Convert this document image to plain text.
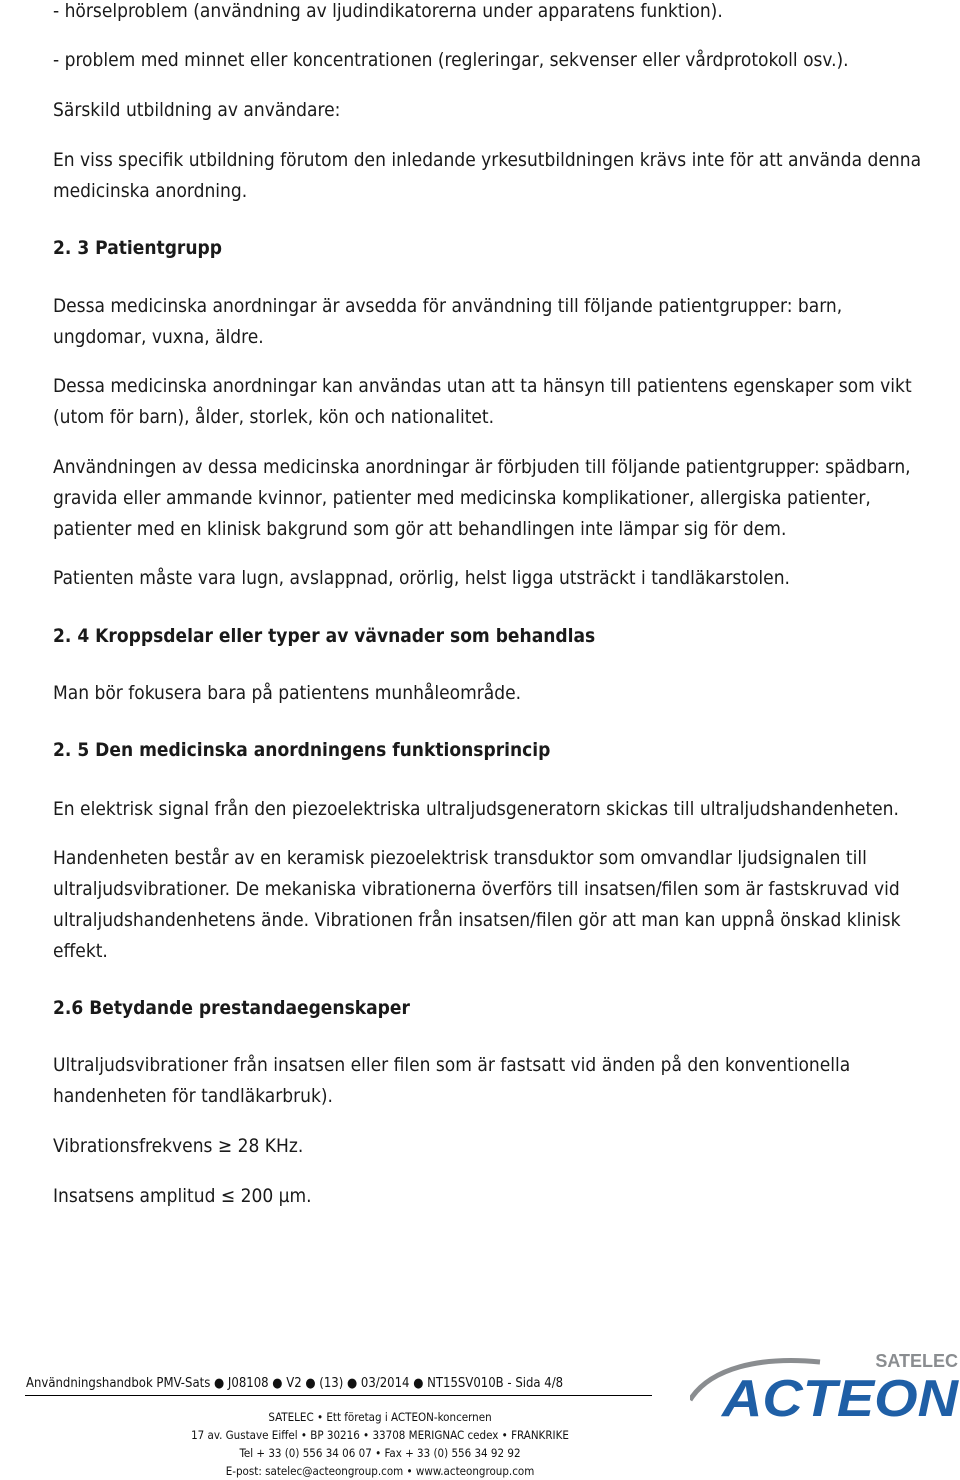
- hörselproblem (användning av ljudindikatorerna under apparatens funktion).
- problem med minnet eller koncentrationen (regleringar, sekvenser eller vårdprotokoll osv.).
Särskild utbildning av användare:
En viss specifik utbildning förutom den inledande yrkesutbildningen krävs inte för att använda denna
medicinska anordning.
2. 3 Patientgrupp
Dessa medicinska anordningar är avsedda för användning till följande patientgrupper: barn,
ungdomar, vuxna, äldre.
Dessa medicinska anordningar kan användas utan att ta hänsyn till patientens egenskaper som vikt
(utom för barn), ålder, storlek, kön och nationalitet.
Användningen av dessa medicinska anordningar är förbjuden till följande patientgrupper: spädbarn,
gravida eller ammande kvinnor, patienter med medicinska komplikationer, allergiska patienter,
patienter med en klinisk bakgrund som gör att behandlingen inte lämpar sig för dem.
Patienten måste vara lugn, avslappnad, orörlig, helst ligga utsträckt i tandläkarstolen.
2. 4 Kroppsdelar eller typer av vävnader som behandlas
Man bör fokusera bara på patientens munhåleområde.
2. 5 Den medicinska anordningens funktionsprincip
En elektrisk signal från den piezoelektriska ultraljudsgeneratorn skickas till ultraljudshandenheten.
Handenheten består av en keramisk piezoelektrisk transduktor som omvandlar ljudsignalen till
ultraljudsvibrationer. De mekaniska vibrationerna överförs till insatsen/filen som är fastskruvad vid
ultraljudshandenhetens ände. Vibrationen från insatsen/filen gör att man kan uppnå önskad klinisk
effekt.
2.6 Betydande prestandaegenskaper
Ultraljudsvibrationer från insatsen eller filen som är fastsatt vid änden på den konventionella
handenheten för tandläkarbruk).
Vibrationsfrekvens ≥ 28 KHz.
Insatsens amplitud ≤ 200 µm.
Användningshandbok PMV-Sats ● J08108 ● V2 ● (13) ● 03/2014 ● NT15SV010B - Sida 4/8
SATELEC • Ett företag i ACTEON-koncernen
17 av. Gustave Eiffel • BP 30216 • 33708 MERIGNAC cedex • FRANKRIKE
Tel + 33 (0) 556 34 06 07 • Fax + 33 (0) 556 34 92 92
E-post: satelec@acteongroup.com • www.acteongroup.com
SATELEC
ACTEON
